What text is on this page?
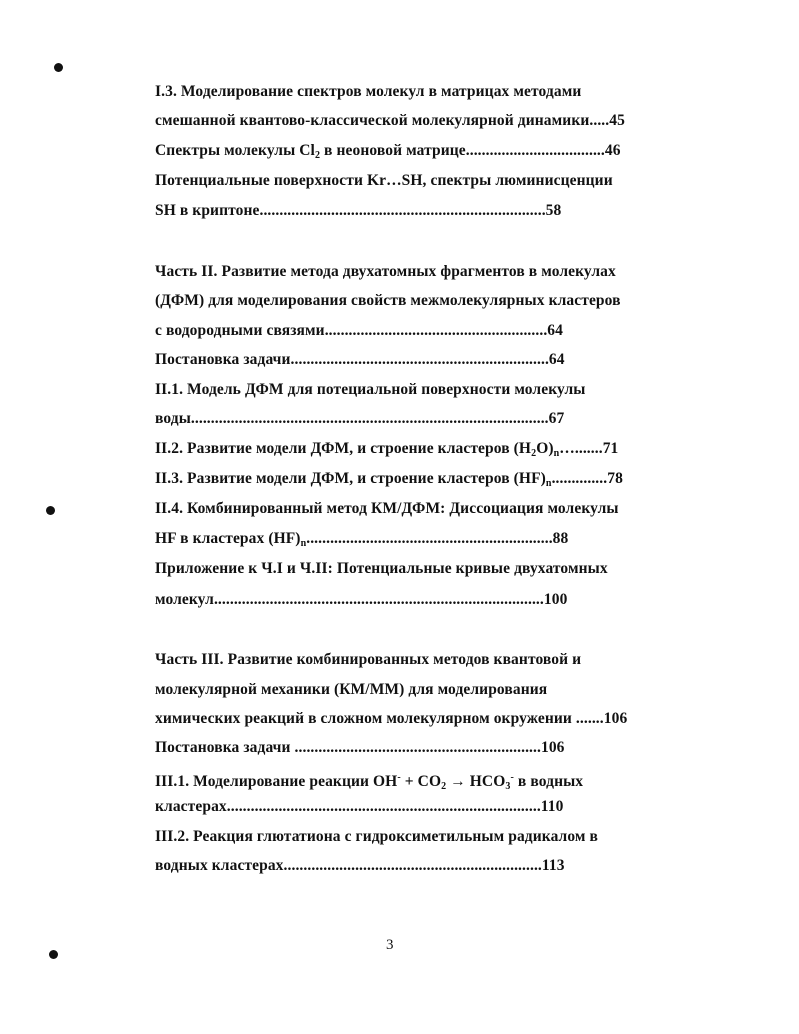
I.3. Моделирование спектров молекул в матрицах методами
смешанной квантово-классической молекулярной динамики.....45
Спектры молекулы $Cl_2$ в неоновой матрице...................................46
Потенциальные поверхности Kr…SH, спектры люминисценции
SH в криптоне........................................................................58
Часть II. Развитие метода двухатомных фрагментов в молекулах
(ДФМ) для моделирования свойств межмолекулярных кластеров
с водородными связями........................................................64
Постановка задачи.................................................................64
II.1. Модель ДФМ для потециальной поверхности молекулы
воды..........................................................................................67
II.2. Развитие модели ДФМ, и строение кластеров $(H_2O)_n\dots.......71$
II.3. Развитие модели ДФМ, и строение кластеров $(HF)_n..............78$
II.4. Комбинированный метод КМ/ДФМ: Диссоциация молекулы
HF в кластерах $(HF)_n..............................................................88$
Приложение к Ч.I и Ч.II: Потенциальные кривые двухатомных
молекул...................................................................................100
Часть III. Развитие комбинированных методов квантовой и
молекулярной механики (КМ/ММ) для моделирования
химических реакций в сложном молекулярном окружении .......106
Постановка задачи ..............................................................106
III.1. Моделирование реакции $OH^- + CO_2 \to HCO_3^-$ в водных
кластерах...............................................................................110
III.2. Реакция глютатиона с гидроксиметильным радикалом в
водных кластерах.................................................................113
3
